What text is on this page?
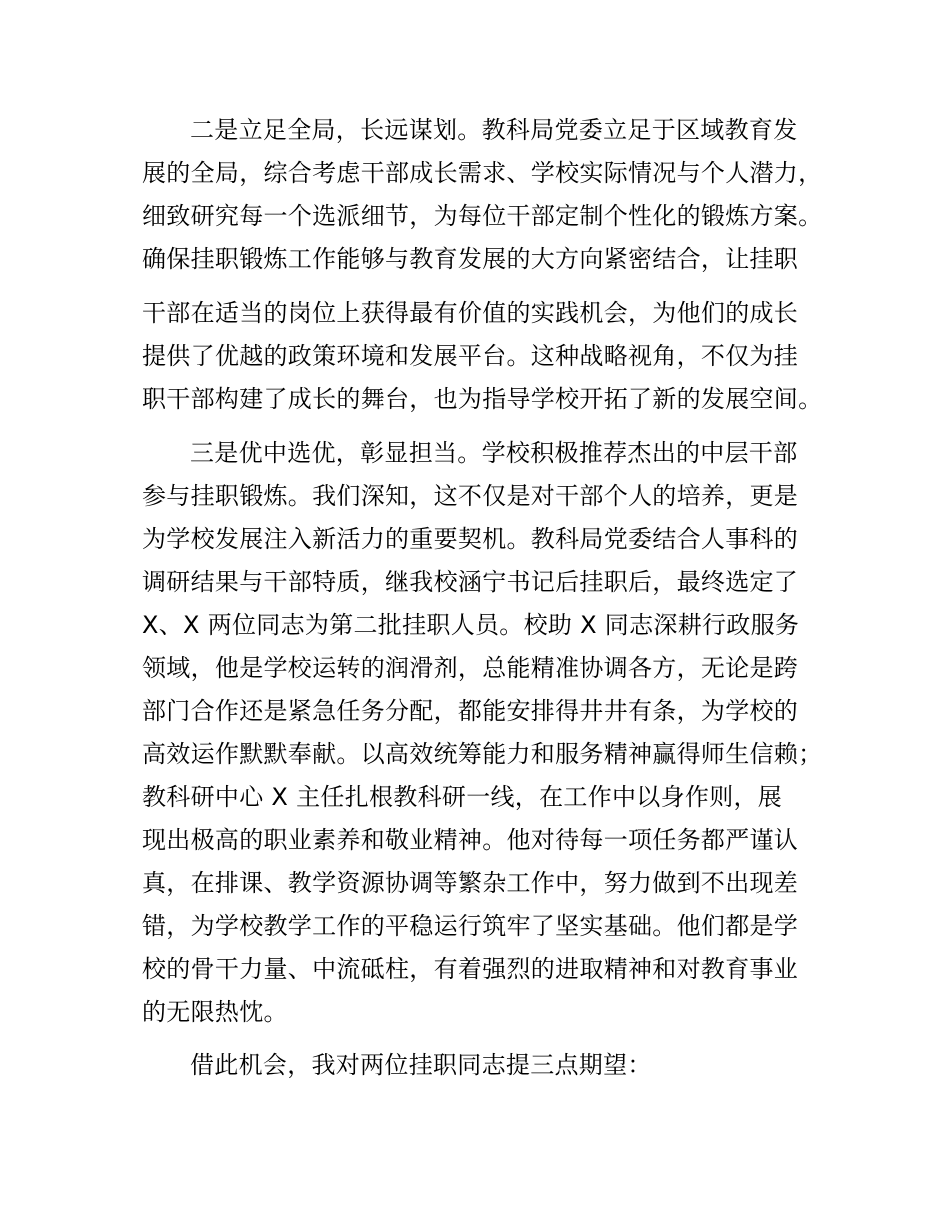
二是立足全局，长远谋划。教科局党委立足于区域教育发
展的全局，综合考虑干部成长需求、学校实际情况与个人潜力，
细致研究每一个选派细节，为每位干部定制个性化的锻炼方案。
确保挂职锻炼工作能够与教育发展的大方向紧密结合，让挂职
干部在适当的岗位上获得最有价值的实践机会，为他们的成长
提供了优越的政策环境和发展平台。这种战略视角，不仅为挂
职干部构建了成长的舞台，也为指导学校开拓了新的发展空间。
三是优中选优，彰显担当。学校积极推荐杰出的中层干部
参与挂职锻炼。我们深知，这不仅是对干部个人的培养，更是
为学校发展注入新活力的重要契机。教科局党委结合人事科的
调研结果与干部特质，继我校涵宁书记后挂职后，最终选定了
X、X 两位同志为第二批挂职人员。校助 X 同志深耕行政服务
领域，他是学校运转的润滑剂，总能精准协调各方，无论是跨
部门合作还是紧急任务分配，都能安排得井井有条，为学校的
高效运作默默奉献。以高效统筹能力和服务精神赢得师生信赖；
教科研中心 X 主任扎根教科研一线，在工作中以身作则，展
现出极高的职业素养和敬业精神。他对待每一项任务都严谨认
真，在排课、教学资源协调等繁杂工作中，努力做到不出现差
错，为学校教学工作的平稳运行筑牢了坚实基础。他们都是学
校的骨干力量、中流砥柱，有着强烈的进取精神和对教育事业
的无限热忱。
借此机会，我对两位挂职同志提三点期望：
